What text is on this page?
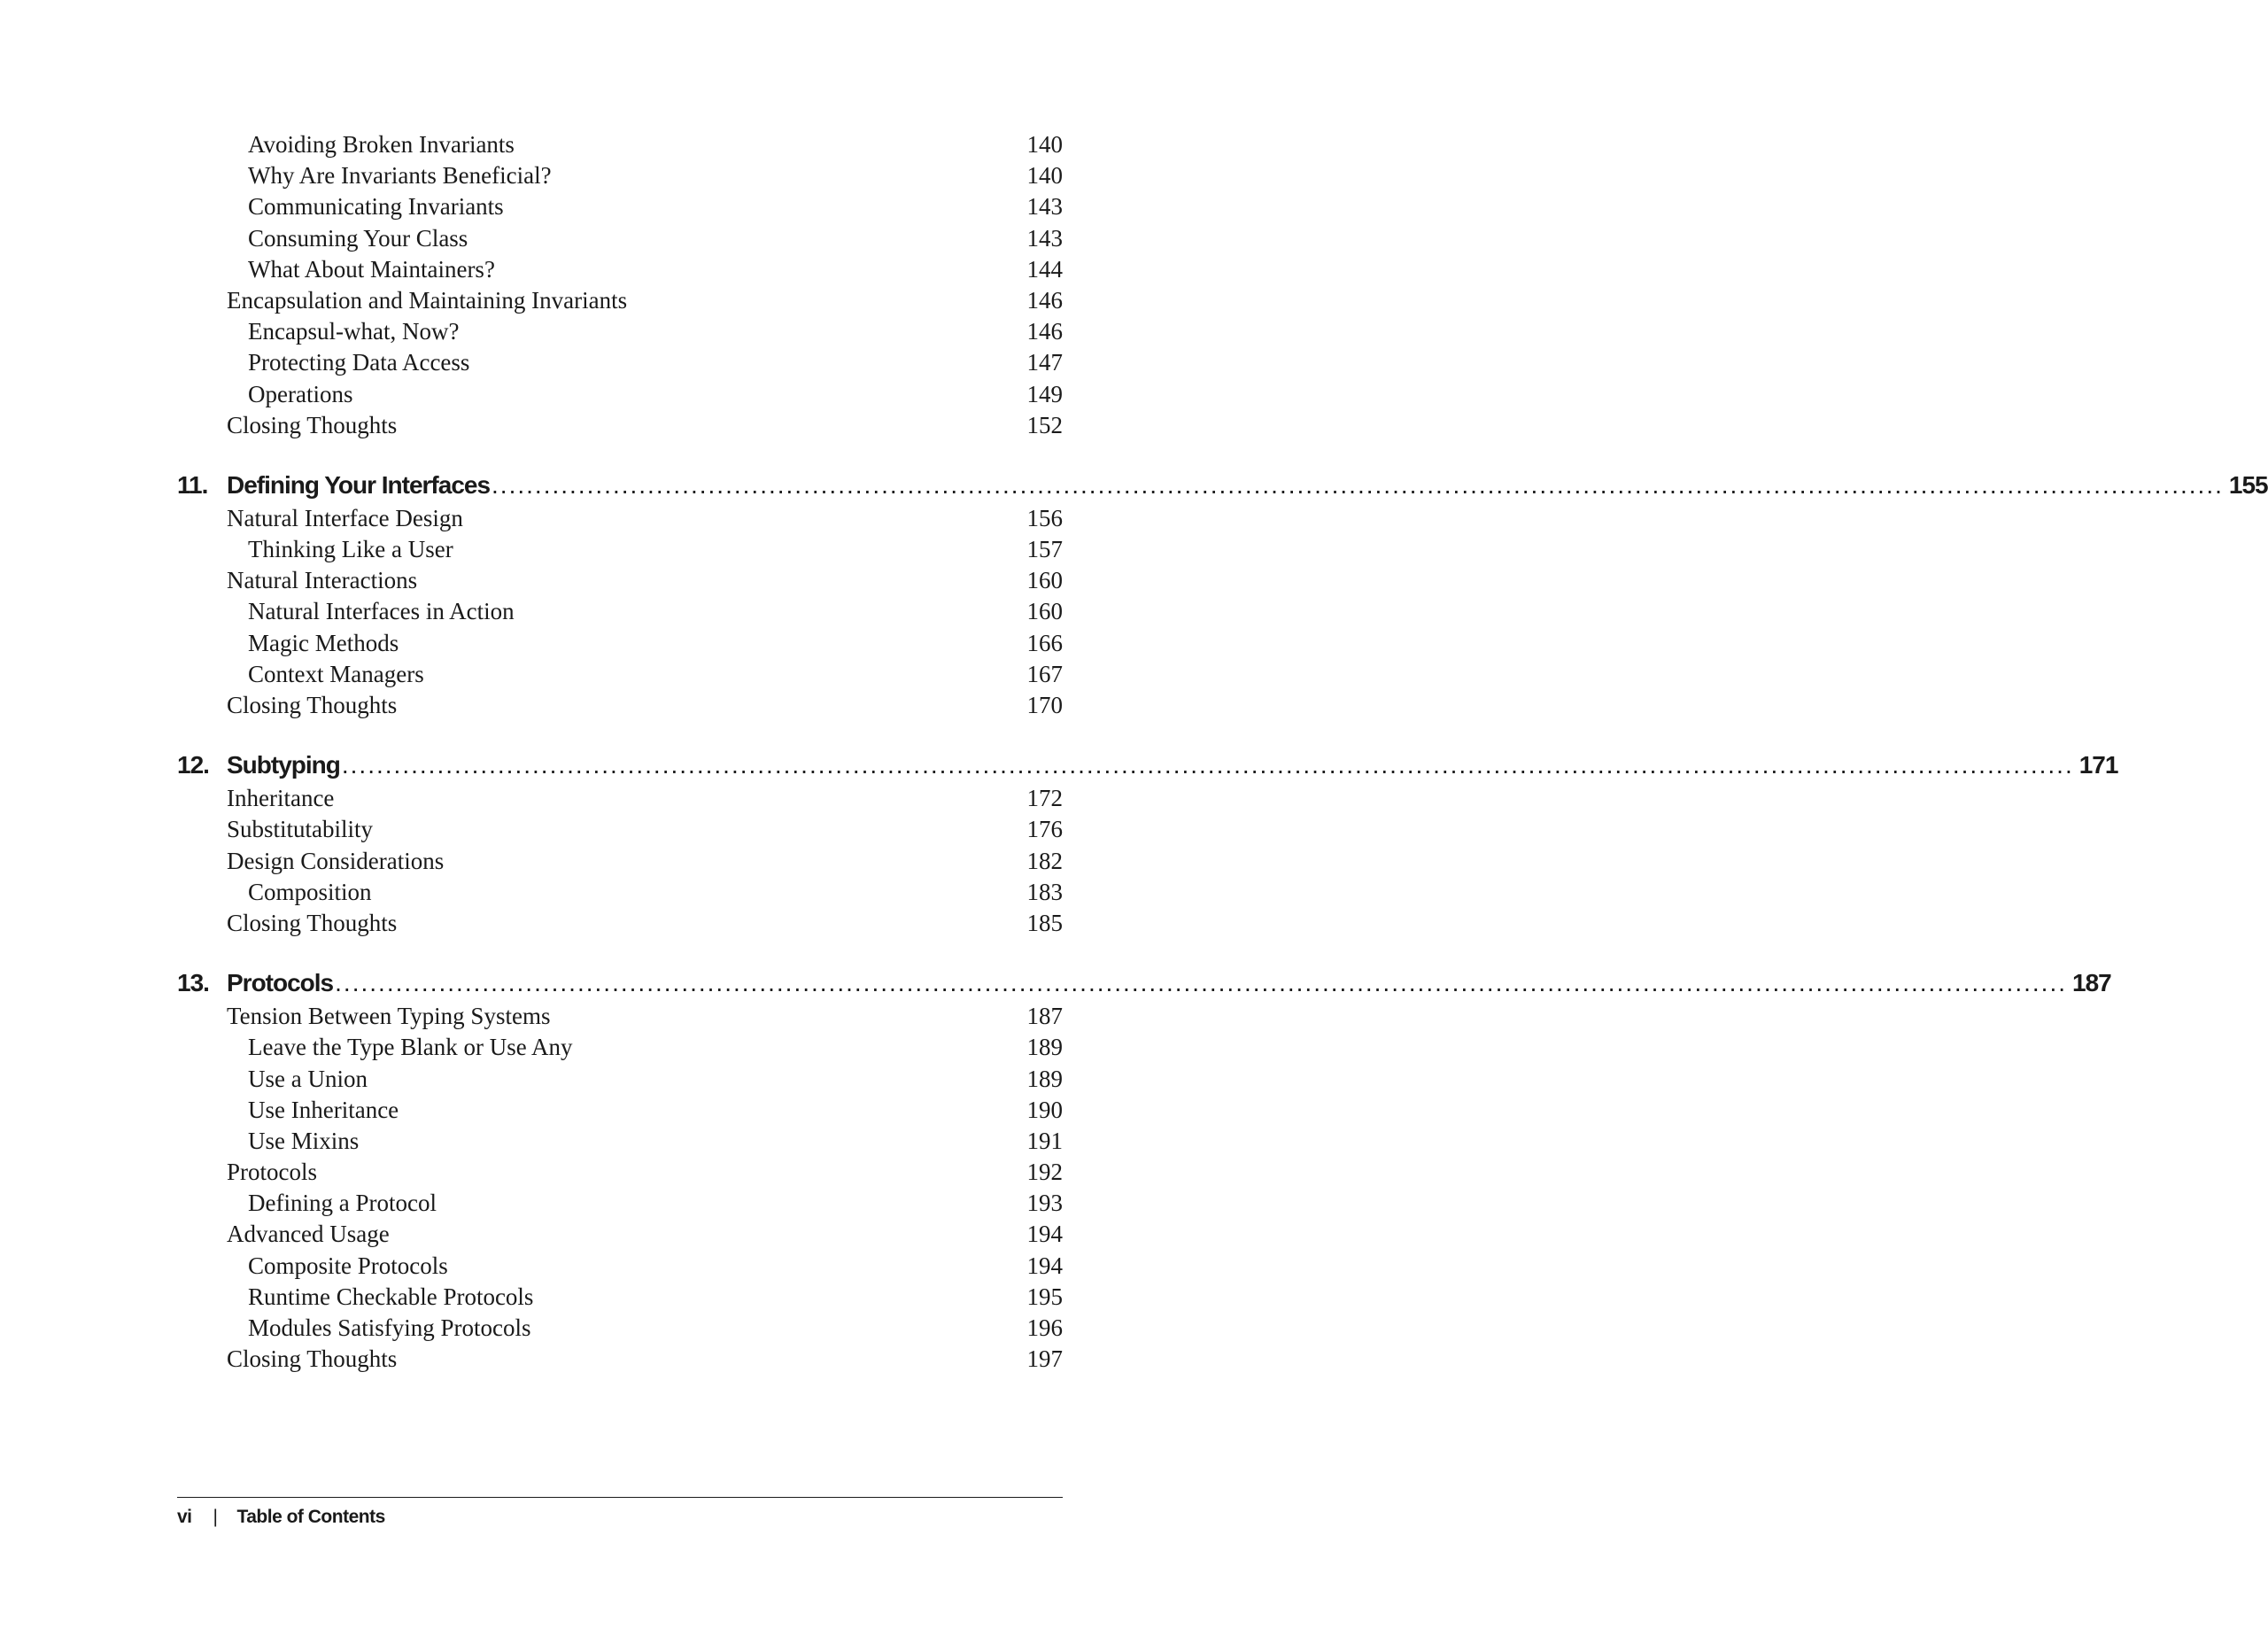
Avoiding Broken Invariants	140
Why Are Invariants Beneficial?	140
Communicating Invariants	143
Consuming Your Class	143
What About Maintainers?	144
Encapsulation and Maintaining Invariants	146
Encapsul-what, Now?	146
Protecting Data Access	147
Operations	149
Closing Thoughts	152
11. Defining Your Interfaces ........................................................................................................................................................................................................ 155
Natural Interface Design	156
Thinking Like a User	157
Natural Interactions	160
Natural Interfaces in Action	160
Magic Methods	166
Context Managers	167
Closing Thoughts	170
12. Subtyping ........................................................................................................................................................................................................ 171
Inheritance	172
Substitutability	176
Design Considerations	182
Composition	183
Closing Thoughts	185
13. Protocols ........................................................................................................................................................................................................ 187
Tension Between Typing Systems	187
Leave the Type Blank or Use Any	189
Use a Union	189
Use Inheritance	190
Use Mixins	191
Protocols	192
Defining a Protocol	193
Advanced Usage	194
Composite Protocols	194
Runtime Checkable Protocols	195
Modules Satisfying Protocols	196
Closing Thoughts	197
vi | Table of Contents
